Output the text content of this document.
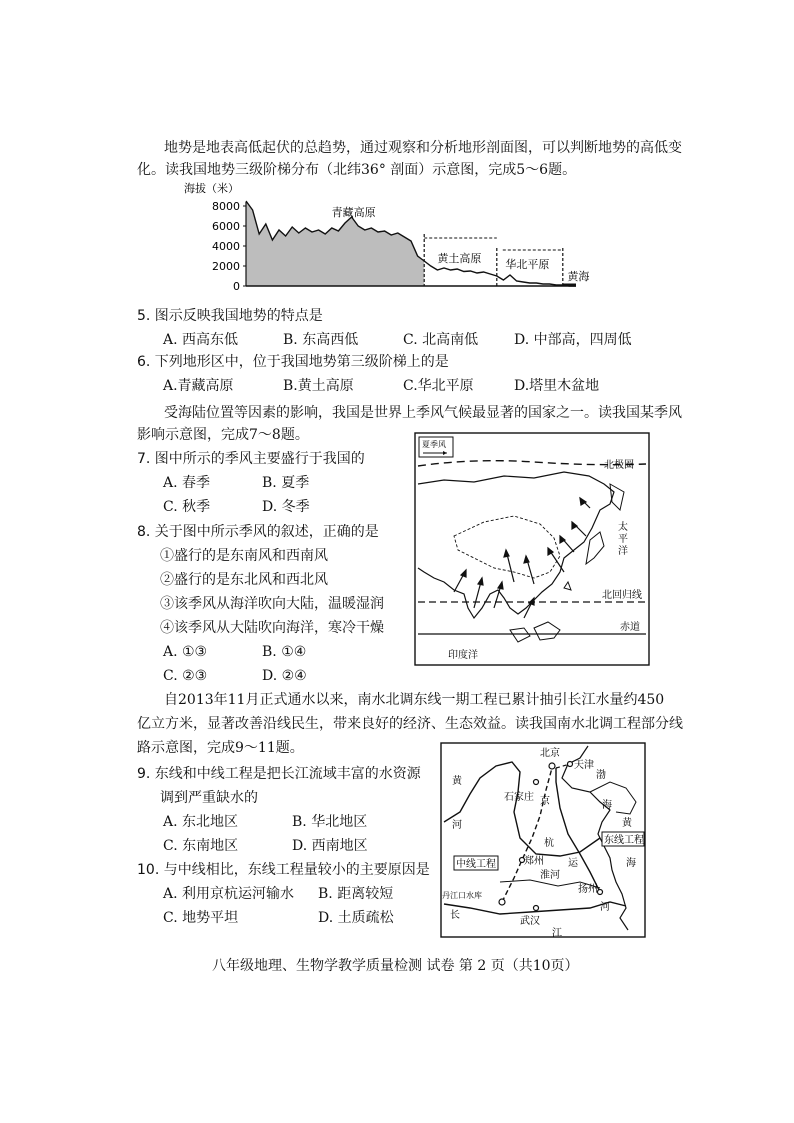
地势是地表高低起伏的总趋势，通过观察和分析地形剖面图，可以判断地势的高低变
化。读我国地势三级阶梯分布（北纬36° 剖面）示意图，完成5～6题。
8000
6000
4000
2000
0
海拔（米）
青藏高原
黄土高原 华北平原
黄海
5. 图示反映我国地势的特点是
A. 西高东低	B. 东高西低	C. 北高南低	D. 中部高，四周低
6. 下列地形区中，位于我国地势第三级阶梯上的是
A.青藏高原	B.黄土高原	C.华北平原	D.塔里木盆地
受海陆位置等因素的影响，我国是世界上季风气候最显著的国家之一。读我国某季风
影响示意图，完成7～8题。
7. 图中所示的季风主要盛行于我国的
A. 春季	B. 夏季
C. 秋季	D. 冬季
8. 关于图中所示季风的叙述，正确的是
①盛行的是东南风和西南风
②盛行的是东北风和西北风
③该季风从海洋吹向大陆，温暖湿润
④该季风从大陆吹向海洋，寒冷干燥
A. ①③	B. ①④
C. ②③	D. ②④
夏季风
北极圈
太
平
洋
北回归线
赤道
印度洋
自2013年11月正式通水以来，南水北调东线一期工程已累计抽引长江水量约450
亿立方米，显著改善沿线民生，带来良好的经济、生态效益。读我国南水北调工程部分线
路示意图，完成9～11题。
9. 东线和中线工程是把长江流域丰富的水资源
调到严重缺水的
A. 东北地区	B. 华北地区
C. 东南地区	D. 西南地区
10. 与中线相比，东线工程量较小的主要原因是
A. 利用京杭运河输水 B. 距离较短
C. 地势平坦	D. 土质疏松
北京
天津
渤
海
黄
河
石家庄 京
杭
郑州 运
淮河
扬州
东线工程
中线工程
丹江口水库
长
武汉
江
河
黄
海
八年级地理、生物学教学质量检测 试卷 第 2 页（共10页）
